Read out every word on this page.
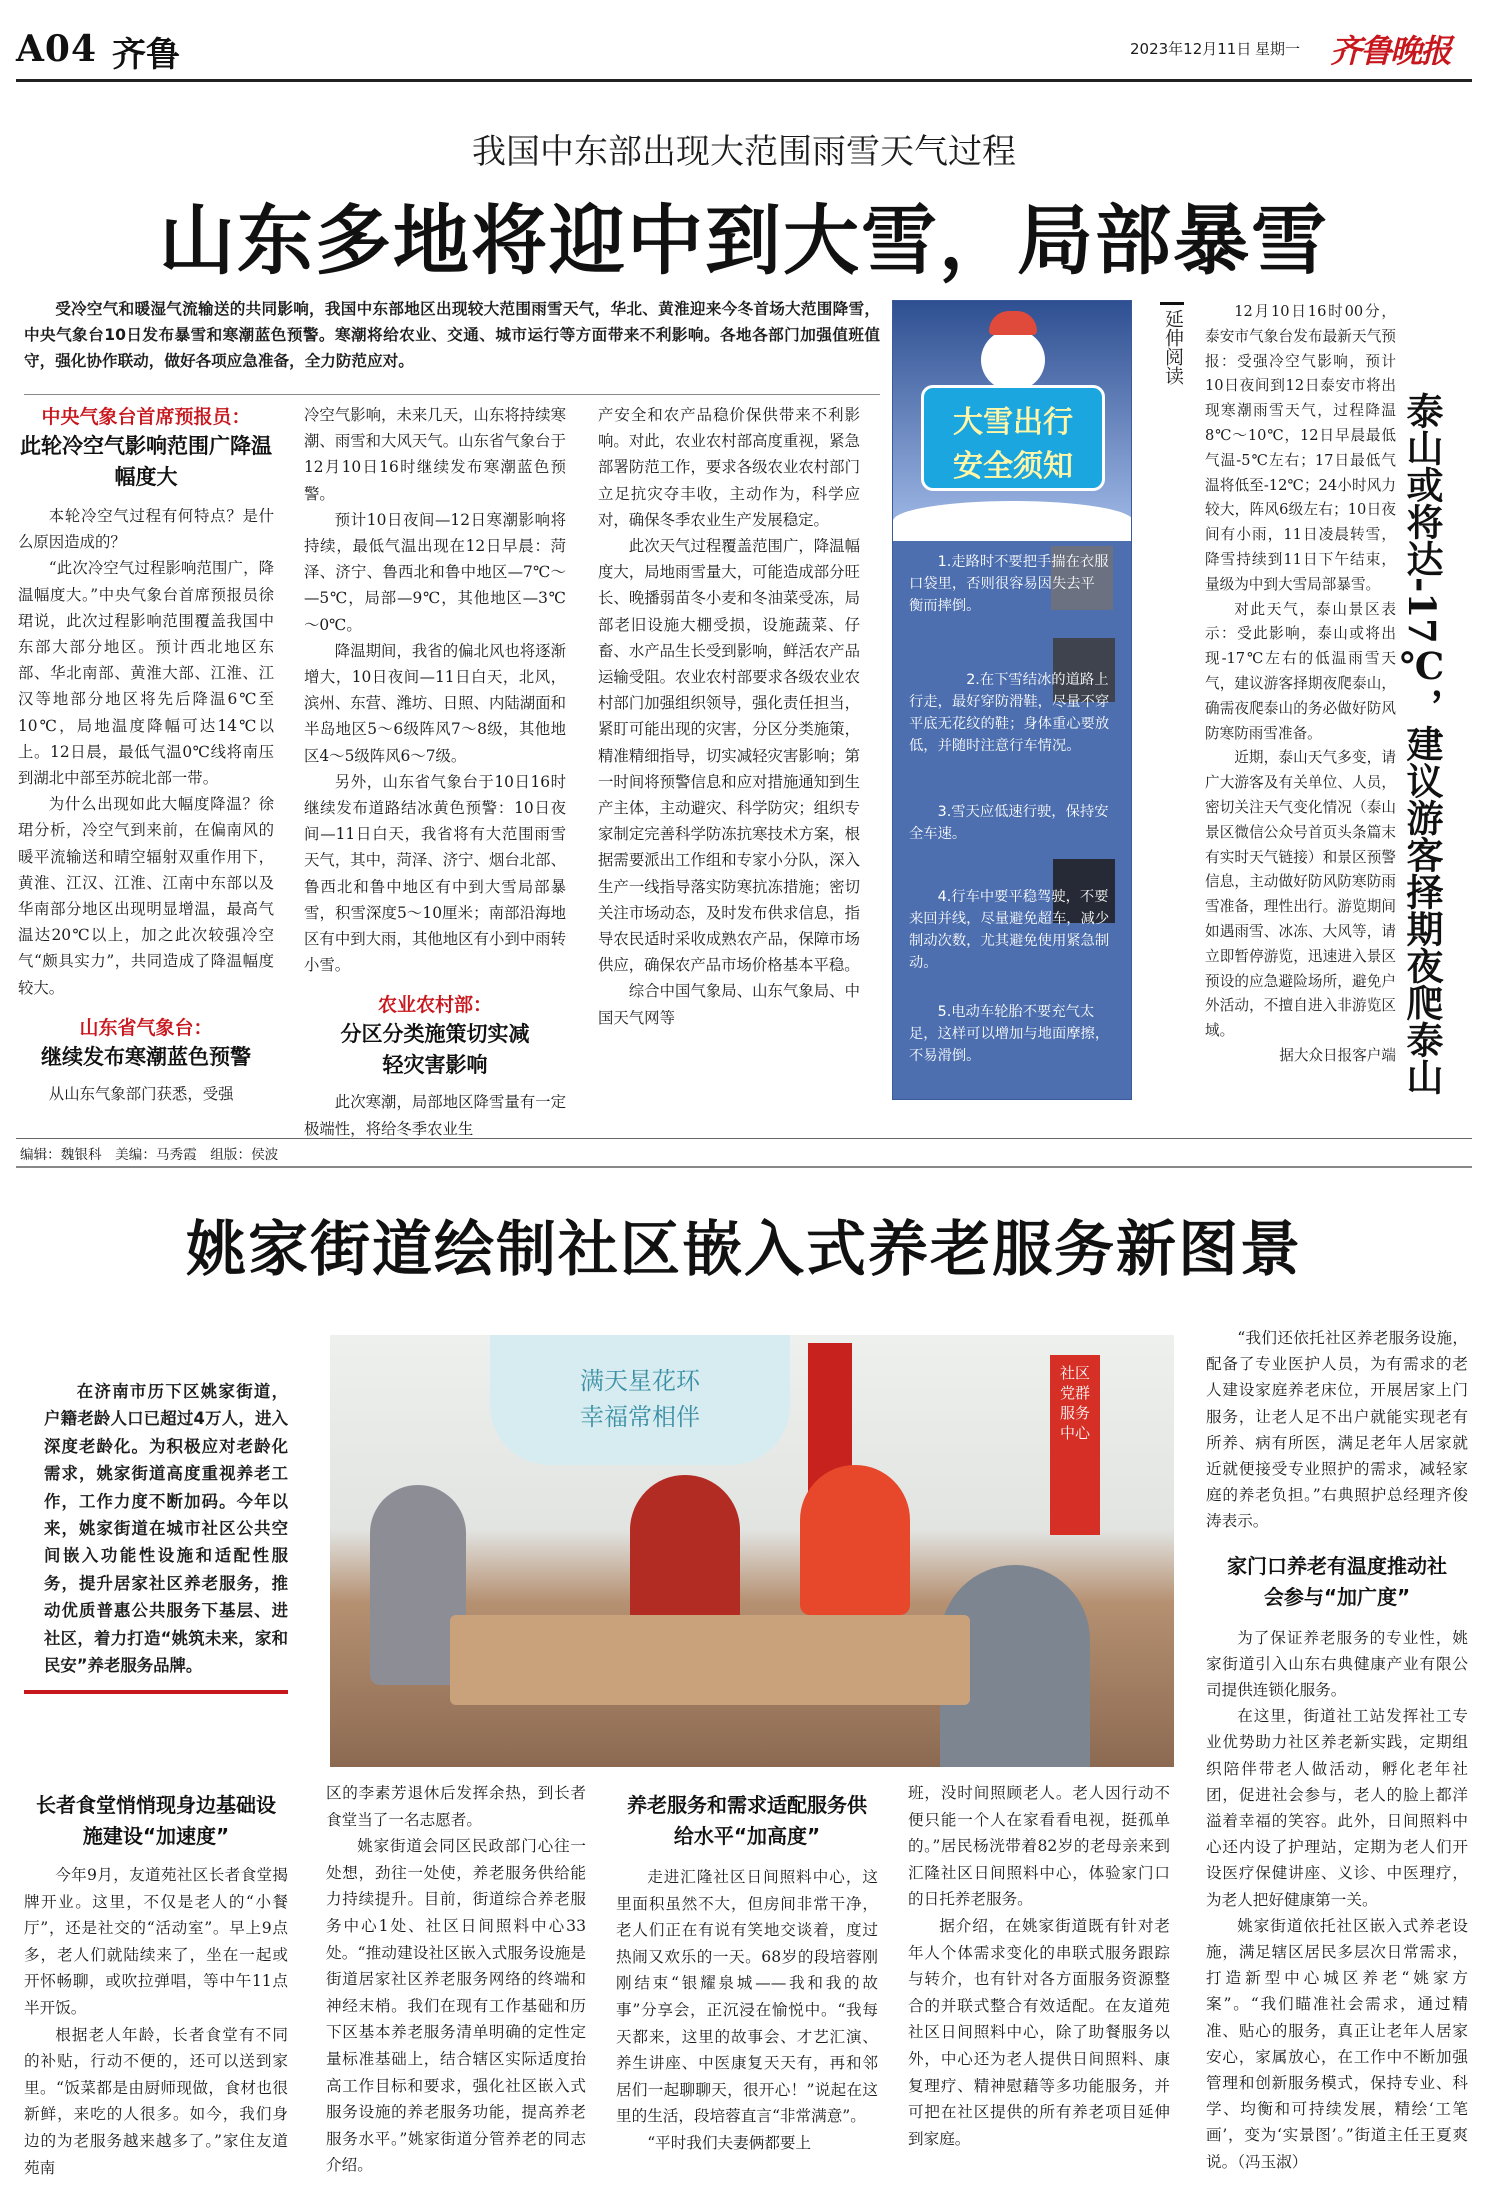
A04 齐鲁	2023年12月11日 星期一 齐鲁晚报
我国中东部出现大范围雨雪天气过程
山东多地将迎中到大雪，局部暴雪
受冷空气和暖湿气流输送的共同影响，我国中东部地区出现较大范围雨雪天气，华北、黄淮迎来今冬首场大范围降雪，中央气象台10日发布暴雪和寒潮蓝色预警。寒潮将给农业、交通、城市运行等方面带来不利影响。各地各部门加强值班值守，强化协作联动，做好各项应急准备，全力防范应对。
中央气象台首席预报员：
此轮冷空气影响范围广降温幅度大

本轮冷空气过程有何特点？是什么原因造成的？

“此次冷空气过程影响范围广，降温幅度大。”中央气象台首席预报员徐珺说，此次过程影响范围覆盖我国中东部大部分地区。预计西北地区东部、华北南部、黄淮大部、江淮、江汉等地部分地区将先后降温6℃至10℃，局地温度降幅可达14℃以上。12日晨，最低气温0℃线将南压到湖北中部至苏皖北部一带。

为什么出现如此大幅度降温？徐珺分析，冷空气到来前，在偏南风的暖平流输送和晴空辐射双重作用下，黄淮、江汉、江淮、江南中东部以及华南部分地区出现明显增温，最高气温达20℃以上，加之此次较强冷空气“颇具实力”，共同造成了降温幅度较大。

山东省气象台：
继续发布寒潮蓝色预警

从山东气象部门获悉，受强

冷空气影响，未来几天，山东将持续寒潮、雨雪和大风天气。山东省气象台于12月10日16时继续发布寒潮蓝色预警。

预计10日夜间—12日寒潮影响将持续，最低气温出现在12日早晨：菏泽、济宁、鲁西北和鲁中地区—7℃～—5℃，局部—9℃，其他地区—3℃～0℃。

降温期间，我省的偏北风也将逐渐增大，10日夜间—11日白天，北风，滨州、东营、潍坊、日照、内陆湖面和半岛地区5～6级阵风7～8级，其他地区4～5级阵风6～7级。

另外，山东省气象台于10日16时继续发布道路结冰黄色预警：10日夜间—11日白天，我省将有大范围雨雪天气，其中，菏泽、济宁、烟台北部、鲁西北和鲁中地区有中到大雪局部暴雪，积雪深度5～10厘米；南部沿海地区有中到大雨，其他地区有小到中雨转小雪。

农业农村部：
分区分类施策切实减轻灾害影响

此次寒潮，局部地区降雪量有一定极端性，将给冬季农业生

产安全和农产品稳价保供带来不利影响。对此，农业农村部高度重视，紧急部署防范工作，要求各级农业农村部门立足抗灾夺丰收，主动作为，科学应对，确保冬季农业生产发展稳定。

此次天气过程覆盖范围广，降温幅度大，局地雨雪量大，可能造成部分旺长、晚播弱苗冬小麦和冬油菜受冻，局部老旧设施大棚受损，设施蔬菜、仔畜、水产品生长受到影响，鲜活农产品运输受阻。农业农村部要求各级农业农村部门加强组织领导，强化责任担当，紧盯可能出现的灾害，分区分类施策，精准精细指导，切实减轻灾害影响；第一时间将预警信息和应对措施通知到生产主体，主动避灾、科学防灾；组织专家制定完善科学防冻抗寒技术方案，根据需要派出工作组和专家小分队，深入生产一线指导落实防寒抗冻措施；密切关注市场动态，及时发布供求信息，指导农民适时采收成熟农产品，保障市场供应，确保农产品市场价格基本平稳。

综合中国气象局、山东气象局、中国天气网等

大雪出行
安全须知
1.走路时不要把手揣在衣服口袋里，否则很容易因失去平衡而摔倒。
2.在下雪结冰的道路上行走，最好穿防滑鞋，尽量不穿平底无花纹的鞋；身体重心要放低，并随时注意行车情况。
3.雪天应低速行驶，保持安全车速。
4.行车中要平稳驾驶，不要来回并线，尽量避免超车，减少制动次数，尤其避免使用紧急制动。
5.电动车轮胎不要充气太足，这样可以增加与地面摩擦，不易滑倒。
延伸阅读
泰山或将达-17℃，建议游客择期夜爬泰山

12月10日16时00分，泰安市气象台发布最新天气预报：受强冷空气影响，预计10日夜间到12日泰安市将出现寒潮雨雪天气，过程降温8℃～10℃，12日早晨最低气温-5℃左右；17日最低气温将低至-12℃；24小时风力较大，阵风6级左右；10日夜间有小雨，11日凌晨转雪，降雪持续到11日下午结束，量级为中到大雪局部暴雪。

对此天气，泰山景区表示：受此影响，泰山或将出现-17℃左右的低温雨雪天气，建议游客择期夜爬泰山，确需夜爬泰山的务必做好防风防寒防雨雪准备。

近期，泰山天气多变，请广大游客及有关单位、人员，密切关注天气变化情况（泰山景区微信公众号首页头条篇末有实时天气链接）和景区预警信息，主动做好防风防寒防雨雪准备，理性出行。游览期间如遇雨雪、冰冻、大风等，请立即暂停游览，迅速进入景区预设的应急避险场所，避免户外活动，不擅自进入非游览区域。

据大众日报客户端

编辑：魏银科　美编：马秀霞　组版：侯波
姚家街道绘制社区嵌入式养老服务新图景
在济南市历下区姚家街道，户籍老龄人口已超过4万人，进入深度老龄化。为积极应对老龄化需求，姚家街道高度重视养老工作，工作力度不断加码。今年以来，姚家街道在城市社区公共空间嵌入功能性设施和适配性服务，提升居家社区养老服务，推动优质普惠公共服务下基层、进社区，着力打造“姚筑未来，家和民安”养老服务品牌。
满天星花环
幸福常相伴
社区
党群
服务
中心
长者食堂悄悄现身边基础设施建设“加速度”

今年9月，友道苑社区长者食堂揭牌开业。这里，不仅是老人的“小餐厅”，还是社交的“活动室”。早上9点多，老人们就陆续来了，坐在一起或开怀畅聊，或吹拉弹唱，等中午11点半开饭。

根据老人年龄，长者食堂有不同的补贴，行动不便的，还可以送到家里。“饭菜都是由厨师现做，食材也很新鲜，来吃的人很多。如今，我们身边的为老服务越来越多了。”家住友道苑南

区的李素芳退休后发挥余热，到长者食堂当了一名志愿者。

姚家街道会同区民政部门心往一处想，劲往一处使，养老服务供给能力持续提升。目前，街道综合养老服务中心1处、社区日间照料中心33处。“推动建设社区嵌入式服务设施是街道居家社区养老服务网络的终端和神经末梢。我们在现有工作基础和历下区基本养老服务清单明确的定性定量标准基础上，结合辖区实际适度抬高工作目标和要求，强化社区嵌入式服务设施的养老服务功能，提高养老服务水平。”姚家街道分管养老的同志介绍。

养老服务和需求适配服务供给水平“加高度”

走进汇隆社区日间照料中心，这里面积虽然不大，但房间非常干净，老人们正在有说有笑地交谈着，度过热闹又欢乐的一天。68岁的段培蓉刚刚结束“银耀泉城——我和我的故事”分享会，正沉浸在愉悦中。“我每天都来，这里的故事会、才艺汇演、养生讲座、中医康复天天有，再和邻居们一起聊聊天，很开心！”说起在这里的生活，段培蓉直言“非常满意”。

“平时我们夫妻俩都要上

班，没时间照顾老人。老人因行动不便只能一个人在家看看电视，挺孤单的。”居民杨洸带着82岁的老母亲来到汇隆社区日间照料中心，体验家门口的日托养老服务。

据介绍，在姚家街道既有针对老年人个体需求变化的串联式服务跟踪与转介，也有针对各方面服务资源整合的并联式整合有效适配。在友道苑社区日间照料中心，除了助餐服务以外，中心还为老人提供日间照料、康复理疗、精神慰藉等多功能服务，并可把在社区提供的所有养老项目延伸到家庭。

“我们还依托社区养老服务设施，配备了专业医护人员，为有需求的老人建设家庭养老床位，开展居家上门服务，让老人足不出户就能实现老有所养、病有所医，满足老年人居家就近就便接受专业照护的需求，减轻家庭的养老负担。”右典照护总经理齐俊涛表示。

家门口养老有温度推动社会参与“加广度”

为了保证养老服务的专业性，姚家街道引入山东右典健康产业有限公司提供连锁化服务。

在这里，街道社工站发挥社工专业优势助力社区养老新实践，定期组织陪伴带老人做活动，孵化老年社团，促进社会参与，老人的脸上都洋溢着幸福的笑容。此外，日间照料中心还内设了护理站，定期为老人们开设医疗保健讲座、义诊、中医理疗，为老人把好健康第一关。

姚家街道依托社区嵌入式养老设施，满足辖区居民多层次日常需求，打造新型中心城区养老“姚家方案”。“我们瞄准社会需求，通过精准、贴心的服务，真正让老年人居家安心，家属放心，在工作中不断加强管理和创新服务模式，保持专业、科学、均衡和可持续发展，精绘‘工笔画’，变为‘实景图’。”街道主任王夏爽说。（冯玉淑）
